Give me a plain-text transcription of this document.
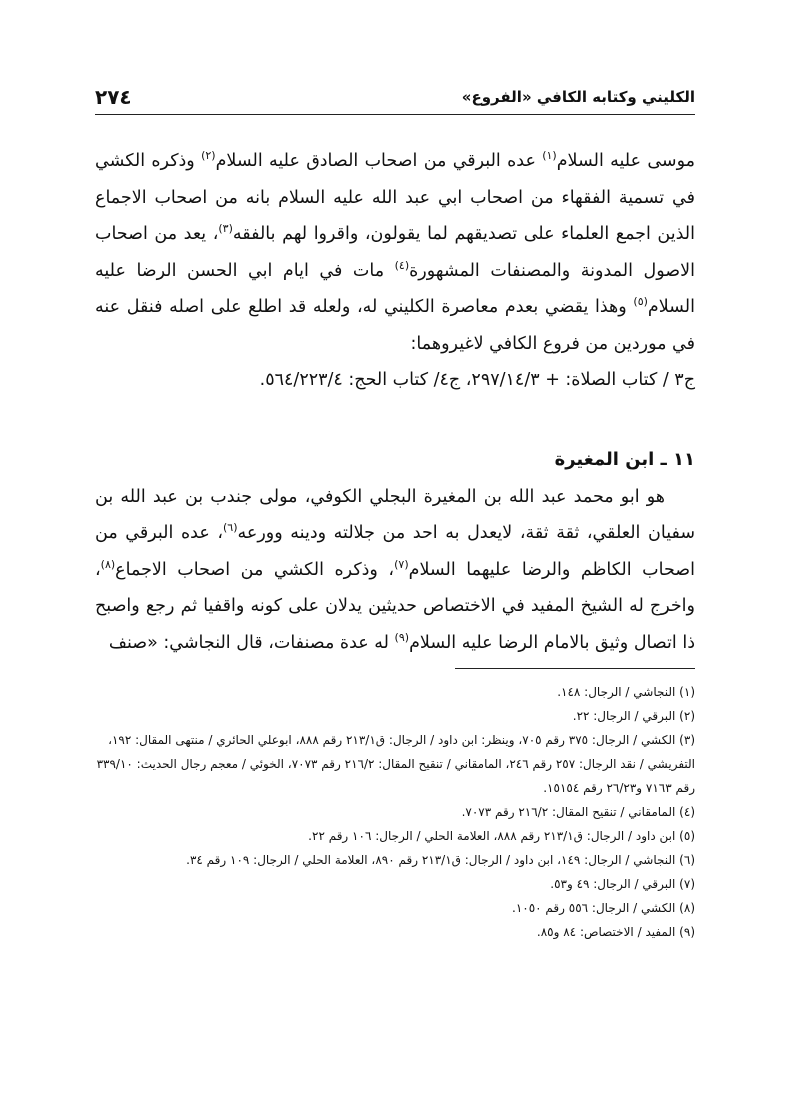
الكليني وكتابه الكافي «الفروع»
٢٧٤

موسى عليه السلام$^{(١)}$ عده البرقي من اصحاب الصادق عليه السلام$^{(٢)}$ وذكره الكشي في تسمية الفقهاء من اصحاب ابي عبد الله عليه السلام بانه من اصحاب الاجماع الذين اجمع العلماء على تصديقهم لما يقولون، واقروا لهم بالفقه$^{(٣)}$، يعد من اصحاب الاصول المدونة والمصنفات المشهورة$^{(٤)}$ مات في ايام ابي الحسن الرضا عليه السلام$^{(٥)}$ وهذا يقضي بعدم معاصرة الكليني له، ولعله قد اطلع على اصله فنقل عنه في موردين من فروع الكافي لاغيروهما:

ج٣ / كتاب الصلاة: + ٢٩٧/١٤/٣، ج٤/ كتاب الحج: ٥٦٤/٢٢٣/٤.

١١ ـ ابن المغيرة

هو ابو محمد عبد الله بن المغيرة البجلي الكوفي، مولى جندب بن عبد الله بن سفيان العلقي، ثقة ثقة، لايعدل به احد من جلالته ودينه وورعه$^{(٦)}$، عده البرقي من اصحاب الكاظم والرضا عليهما السلام$^{(٧)}$، وذكره الكشي من اصحاب الاجماع$^{(٨)}$، واخرج له الشيخ المفيد في الاختصاص حديثين يدلان على كونه واقفيا ثم رجع واصبح ذا اتصال وثيق بالامام الرضا عليه السلام$^{(٩)}$ له عدة مصنفات، قال النجاشي: «صنف

(١) النجاشي / الرجال: ١٤٨.

(٢) البرقي / الرجال: ٢٢.

(٣) الكشي / الرجال: ٣٧٥ رقم ٧٠٥، وينظر: ابن داود / الرجال: ق٢١٣/١ رقم ٨٨٨، ابوعلي الحائري / منتهى المقال: ١٩٢، التفريشي / نقد الرجال: ٢٥٧ رقم ٢٤٦، المامقاني / تنقيح المقال: ٢١٦/٢ رقم ٧٠٧٣، الخوئي / معجم رجال الحديث: ٣٣٩/١٠ رقم ٧١٦٣ و٢٦/٢٣ رقم ١٥١٥٤.

(٤) المامقاني / تنقيح المقال: ٢١٦/٢ رقم ٧٠٧٣.

(٥) ابن داود / الرجال: ق٢١٣/١ رقم ٨٨٨، العلامة الحلي / الرجال: ١٠٦ رقم ٢٢.

(٦) النجاشي / الرجال: ١٤٩، ابن داود / الرجال: ق٢١٣/١ رقم ٨٩٠، العلامة الحلي / الرجال: ١٠٩ رقم ٣٤.

(٧) البرقي / الرجال: ٤٩ و٥٣.

(٨) الكشي / الرجال: ٥٥٦ رقم ١٠٥٠.

(٩) المفيد / الاختصاص: ٨٤ و٨٥.
